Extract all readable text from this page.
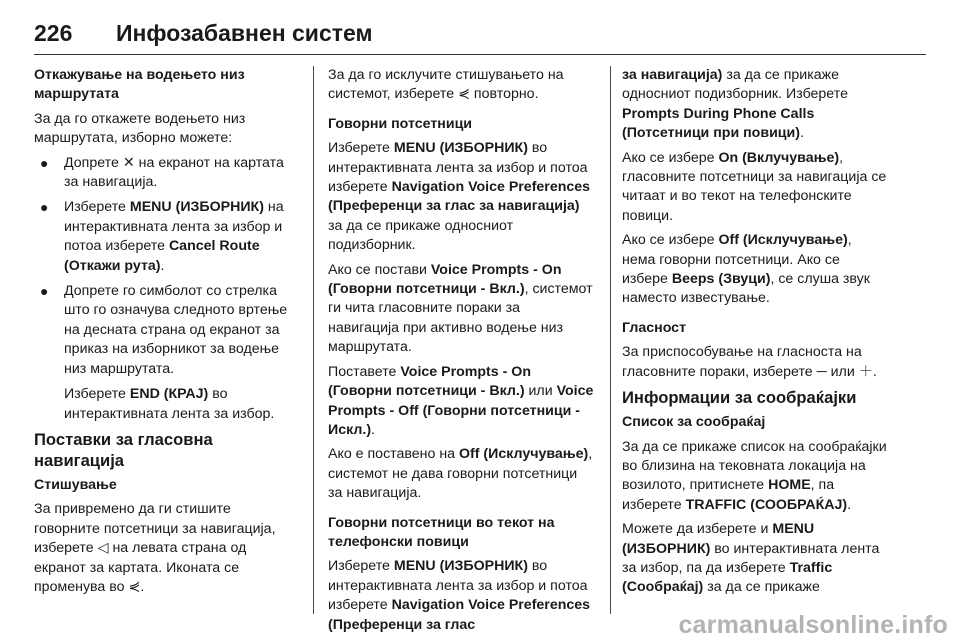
226	Инфозабавнен систем

Откажување на водењето низ маршрутата

За да го откажете водењето низ маршрутата, изборно можете:

● Допрете ✕ на екранот на картата за навигација.
● Изберете MENU (ИЗБОРНИК) на интерактивната лента за избор и потоа изберете Cancel Route (Откажи рута).
● Допрете го симболот со стрелка што го означува следното вртење на десната страна од екранот за приказ на изборникот за водење низ маршрутата.

Изберете END (КРАЈ) во интерактивната лента за избор.

Поставки за гласовна навигација

Стишување

За привремено да ги стишите говорните потсетници за навигација, изберете ◁ на левата страна од екранот за картата. Иконата се променува во ⋞.

За да го исклучите стишувањето на системот, изберете ⋞ повторно.

Говорни потсетници

Изберете MENU (ИЗБОРНИК) во интерактивната лента за избор и потоа изберете Navigation Voice Preferences (Преференци за глас за навигација) за да се прикаже односниот подизборник.

Ако се постави Voice Prompts - On (Говорни потсетници - Вкл.), системот ги чита гласовните пораки за навигација при активно водење низ маршрутата.

Поставете Voice Prompts - On (Говорни потсетници - Вкл.) или Voice Prompts - Off (Говорни потсетници - Искл.).

Ако е поставено на Off (Исклучување), системот не дава говорни потсетници за навигација.

Говорни потсетници во текот на телефонски повици

Изберете MENU (ИЗБОРНИК) во интерактивната лента за избор и потоа изберете Navigation Voice Preferences (Преференци за глас

за навигација) за да се прикаже односниот подизборник. Изберете Prompts During Phone Calls (Потсетници при повици).

Ако се избере On (Вклучување), гласовните потсетници за навигација се читаат и во текот на телефонските повици.

Ако се избере Off (Исклучување), нема говорни потсетници. Ако се избере Beeps (Звуци), се слуша звук наместо известување.

Гласност

За приспособување на гласноста на гласовните пораки, изберете ─ или ＋.

Информации за сообраќајки

Список за сообраќај

За да се прикаже список на сообраќајки во близина на тековната локација на возилото, притиснете HOME, па изберете TRAFFIC (СООБРАЌАЈ).

Можете да изберете и MENU (ИЗБОРНИК) во интерактивната лента за избор, па да изберете Traffic (Сообраќај) за да се прикаже

carmanualsonline.info
